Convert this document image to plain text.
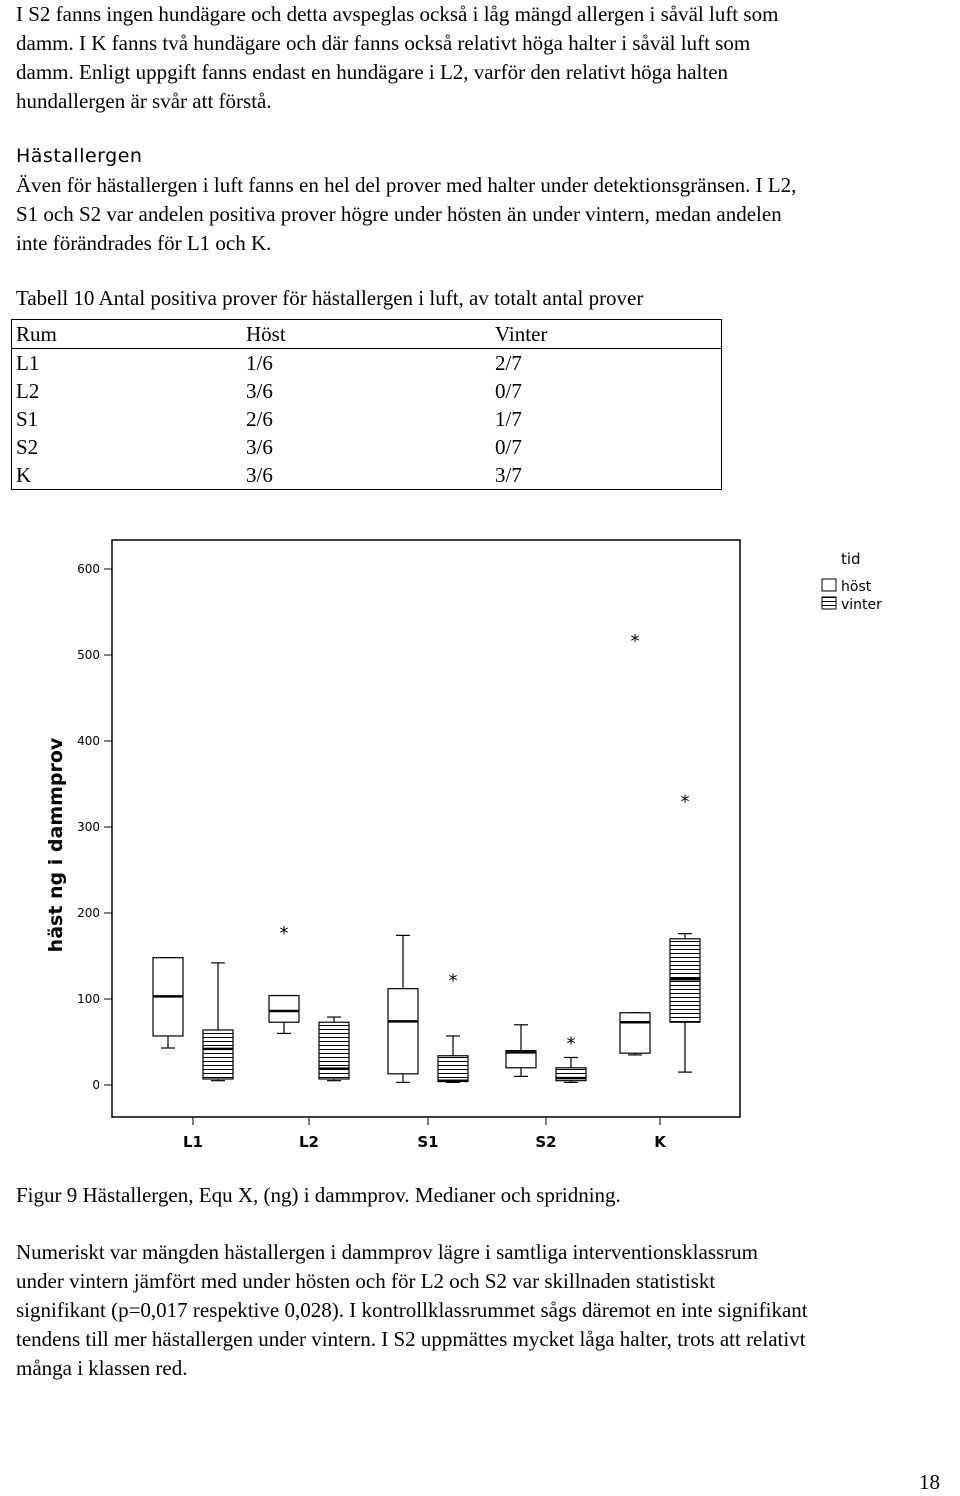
I S2 fanns ingen hundägare och detta avspeglas också i låg mängd allergen i såväl luft som
damm. I K fanns två hundägare och där fanns också relativt höga halter i såväl luft som
damm. Enligt uppgift fanns endast en hundägare i L2, varför den relativt höga halten
hundallergen är svår att förstå.

Hästallergen
Även för hästallergen i luft fanns en hel del prover med halter under detektionsgränsen. I L2,
S1 och S2 var andelen positiva prover högre under hösten än under vintern, medan andelen
inte förändrades för L1 och K.

Tabell 10 Antal positiva prover för hästallergen i luft, av totalt antal prover

Rum	Höst	Vinter
L1	1/6	2/7
L2	3/6	0/7
S1	2/6	1/7
S2	3/6	0/7
K	3/6	3/7
0
100
200
300
400
500
600
L1	L2	S1	S2	K
*
*
*
*
*
häst ng i dammprov
tid
höst
vinter

Figur 9 Hästallergen, Equ X, (ng) i dammprov. Medianer och spridning.

Numeriskt var mängden hästallergen i dammprov lägre i samtliga interventionsklassrum
under vintern jämfört med under hösten och för L2 och S2 var skillnaden statistiskt
signifikant (p=0,017 respektive 0,028). I kontrollklassrummet sågs däremot en inte signifikant
tendens till mer hästallergen under vintern. I S2 uppmättes mycket låga halter, trots att relativt
många i klassen red.

18
